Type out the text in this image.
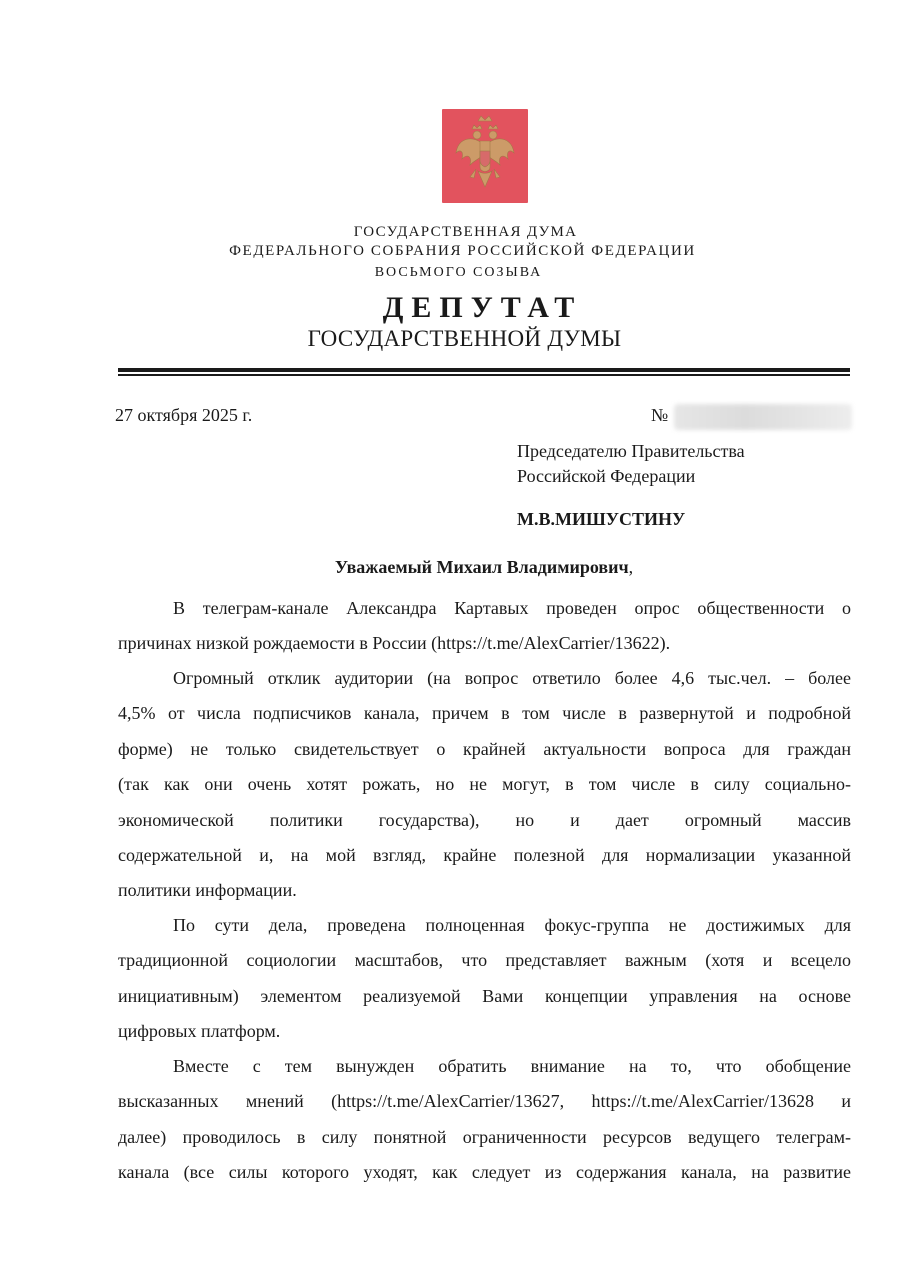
ГОСУДАРСТВЕННАЯ ДУМА
ФЕДЕРАЛЬНОГО СОБРАНИЯ РОССИЙСКОЙ ФЕДЕРАЦИИ
ВОСЬМОГО СОЗЫВА
ДЕПУТАТ
ГОСУДАРСТВЕННОЙ ДУМЫ
27 октября 2025 г.	№
Председателю Правительства
Российской Федерации
М.В.МИШУСТИНУ
Уважаемый Михаил Владимирович,
В телеграм-канале Александра Картавых проведен опрос общественности о
причинах низкой рождаемости в России (https://t.me/AlexCarrier/13622).
Огромный отклик аудитории (на вопрос ответило более 4,6 тыс.чел. – более
4,5% от числа подписчиков канала, причем в том числе в развернутой и подробной
форме) не только свидетельствует о крайней актуальности вопроса для граждан
(так как они очень хотят рожать, но не могут, в том числе в силу социально-
экономической политики государства), но и дает огромный массив
содержательной и, на мой взгляд, крайне полезной для нормализации указанной
политики информации.
По сути дела, проведена полноценная фокус-группа не достижимых для
традиционной социологии масштабов, что представляет важным (хотя и всецело
инициативным) элементом реализуемой Вами концепции управления на основе
цифровых платформ.
Вместе с тем вынужден обратить внимание на то, что обобщение
высказанных мнений (https://t.me/AlexCarrier/13627, https://t.me/AlexCarrier/13628 и
далее) проводилось в силу понятной ограниченности ресурсов ведущего телеграм-
канала (все силы которого уходят, как следует из содержания канала, на развитие
